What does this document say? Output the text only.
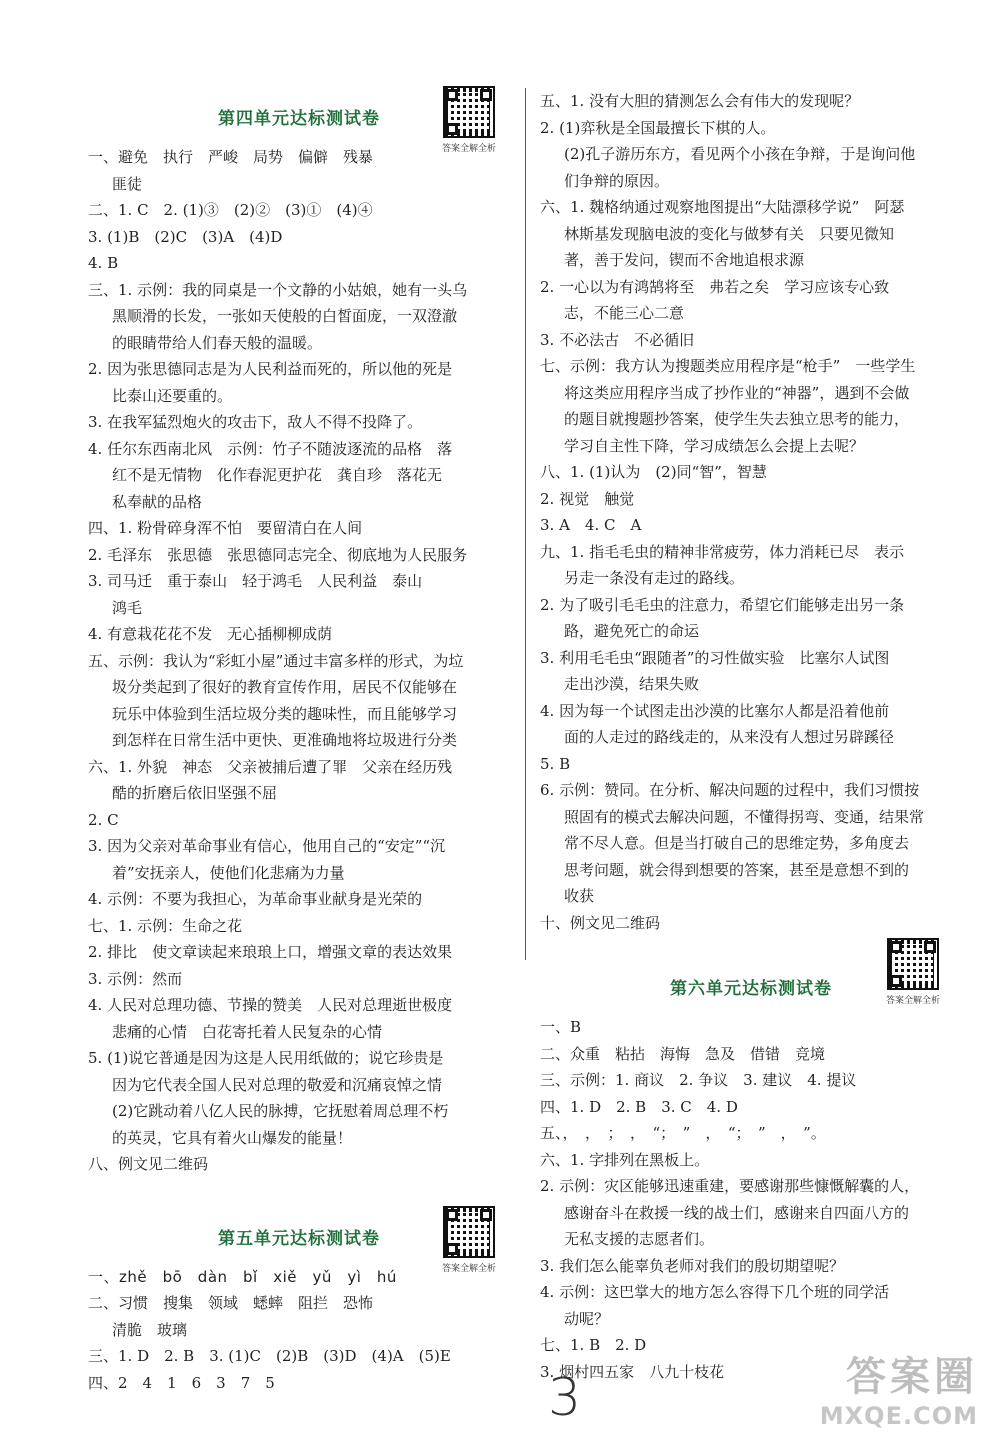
第四单元达标测试卷
答案全解全析
一、避免　执行　严峻　局势　偏僻　残暴
匪徒
二、1. C　2. (1)③　(2)②　(3)①　(4)④
3. (1)B　(2)C　(3)A　(4)D
4. B
三、1. 示例：我的同桌是一个文静的小姑娘，她有一头乌
黑顺滑的长发，一张如天使般的白皙面庞，一双澄澈
的眼睛带给人们春天般的温暖。
2. 因为张思德同志是为人民利益而死的，所以他的死是
比泰山还要重的。
3. 在我军猛烈炮火的攻击下，敌人不得不投降了。
4. 任尔东西南北风　示例：竹子不随波逐流的品格　落
红不是无情物　化作春泥更护花　龚自珍　落花无
私奉献的品格
四、1. 粉骨碎身浑不怕　要留清白在人间
2. 毛泽东　张思德　张思德同志完全、彻底地为人民服务
3. 司马迁　重于泰山　轻于鸿毛　人民利益　泰山
鸿毛
4. 有意栽花花不发　无心插柳柳成荫
五、示例：我认为“彩虹小屋”通过丰富多样的形式，为垃
圾分类起到了很好的教育宣传作用，居民不仅能够在
玩乐中体验到生活垃圾分类的趣味性，而且能够学习
到怎样在日常生活中更快、更准确地将垃圾进行分类
六、1. 外貌　神态　父亲被捕后遭了罪　父亲在经历残
酷的折磨后依旧坚强不屈
2. C
3. 因为父亲对革命事业有信心，他用自己的“安定”“沉
着”安抚亲人，使他们化悲痛为力量
4. 示例：不要为我担心，为革命事业献身是光荣的
七、1. 示例：生命之花
2. 排比　使文章读起来琅琅上口，增强文章的表达效果
3. 示例：然而
4. 人民对总理功德、节操的赞美　人民对总理逝世极度
悲痛的心情　白花寄托着人民复杂的心情
5. (1)说它普通是因为这是人民用纸做的；说它珍贵是
因为它代表全国人民对总理的敬爱和沉痛哀悼之情
(2)它跳动着八亿人民的脉搏，它抚慰着周总理不朽
的英灵，它具有着火山爆发的能量！
八、例文见二维码
第五单元达标测试卷
答案全解全析
一、zhě　bō　dàn　bǐ　xiě　yǔ　yì　hú
二、习惯　搜集　领域　蟋蟀　阻拦　恐怖
清脆　玻璃
三、1. D　2. B　3. (1)C　(2)B　(3)D　(4)A　(5)E
四、2　4　1　6　3　7　5
五、1. 没有大胆的猜测怎么会有伟大的发现呢？
2. (1)弈秋是全国最擅长下棋的人。
(2)孔子游历东方，看见两个小孩在争辩，于是询问他
们争辩的原因。
六、1. 魏格纳通过观察地图提出“大陆漂移学说”　阿瑟
林斯基发现脑电波的变化与做梦有关　只要见微知
著，善于发问，锲而不舍地追根求源
2. 一心以为有鸿鹄将至　弗若之矣　学习应该专心致
志，不能三心二意
3. 不必法古　不必循旧
七、示例：我方认为搜题类应用程序是“枪手”　一些学生
将这类应用程序当成了抄作业的“神器”，遇到不会做
的题目就搜题抄答案，使学生失去独立思考的能力，
学习自主性下降，学习成绩怎么会提上去呢？
八、1. (1)认为　(2)同“智”，智慧
2. 视觉　触觉
3. A　4. C　A
九、1. 指毛毛虫的精神非常疲劳，体力消耗已尽　表示
另走一条没有走过的路线。
2. 为了吸引毛毛虫的注意力，希望它们能够走出另一条
路，避免死亡的命运
3. 利用毛毛虫“跟随者”的习性做实验　比塞尔人试图
走出沙漠，结果失败
4. 因为每一个试图走出沙漠的比塞尔人都是沿着他前
面的人走过的路线走的，从来没有人想过另辟蹊径
5. B
6. 示例：赞同。在分析、解决问题的过程中，我们习惯按
照固有的模式去解决问题，不懂得拐弯、变通，结果常
常不尽人意。但是当打破自己的思维定势，多角度去
思考问题，就会得到想要的答案，甚至是意想不到的
收获
十、例文见二维码
第六单元达标测试卷
答案全解全析
一、B
二、众重　粘拈　海悔　急及　借错　竞境
三、示例：1. 商议　2. 争议　3. 建议　4. 提议
四、1. D　2. B　3. C　4. D
五、，　，　；　，　“；　”　，　“；　”　，　”。
六、1. 字排列在黑板上。
2. 示例：灾区能够迅速重建，要感谢那些慷慨解囊的人，
感谢奋斗在救援一线的战士们，感谢来自四面八方的
无私支援的志愿者们。
3. 我们怎么能辜负老师对我们的殷切期望呢？
4. 示例：这巴掌大的地方怎么容得下几个班的同学活
动呢？
七、1. B　2. D
3. 烟村四五家　八九十枝花
3	答案圈
MXQE.COM
